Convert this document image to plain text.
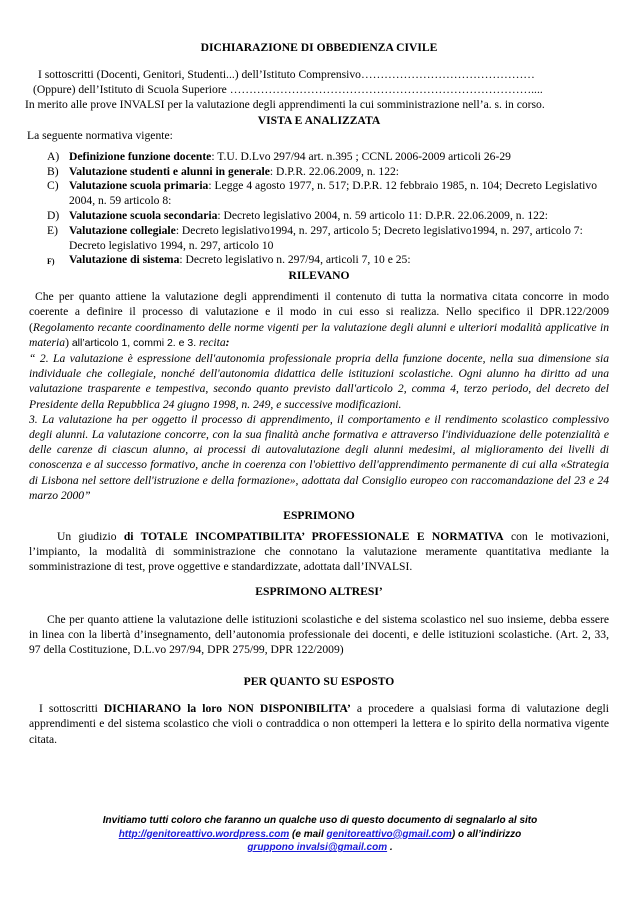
DICHIARAZIONE DI OBBEDIENZA CIVILE

I sottoscritti (Docenti, Genitori, Studenti...) dell’Istituto Comprensivo………………………………………

(Oppure) dell’Istituto di Scuola Superiore ……………………………………………………………………....

In merito alle prove INVALSI per la valutazione degli apprendimenti la cui somministrazione nell’a. s. in corso.

VISTA E ANALIZZATA

La seguente normativa vigente:

A) Definizione funzione docente: T.U. D.Lvo 297/94 art. n.395 ; CCNL 2006-2009 articoli 26-29
B) Valutazione studenti e alunni in generale: D.P.R. 22.06.2009, n. 122:
C) Valutazione scuola primaria: Legge 4 agosto 1977, n. 517; D.P.R. 12 febbraio 1985, n. 104; Decreto Legislativo 2004, n. 59 articolo 8:
D) Valutazione scuola secondaria: Decreto legislativo 2004, n. 59 articolo 11: D.P.R. 22.06.2009, n. 122:
E) Valutazione collegiale: Decreto legislativo1994, n. 297, articolo 5; Decreto legislativo1994, n. 297, articolo 7: Decreto legislativo 1994, n. 297, articolo 10
F) Valutazione di sistema: Decreto legislativo n. 297/94, articoli 7, 10 e 25:

RILEVANO

Che per quanto attiene la valutazione degli apprendimenti il contenuto di tutta la normativa citata concorre in modo coerente a definire il processo di valutazione e il modo in cui esso si realizza. Nello specifico il DPR.122/2009 (Regolamento recante coordinamento delle norme vigenti per la valutazione degli alunni e ulteriori modalità applicative in materia) all’articolo 1, commi 2. e 3. recita:

“ 2. La valutazione è espressione dell'autonomia professionale propria della funzione docente, nella sua dimensione sia individuale che collegiale, nonché dell'autonomia didattica delle istituzioni scolastiche. Ogni alunno ha diritto ad una valutazione trasparente e tempestiva, secondo quanto previsto dall'articolo 2, comma 4, terzo periodo, del decreto del Presidente della Repubblica 24 giugno 1998, n. 249, e successive modificazioni.

3. La valutazione ha per oggetto il processo di apprendimento, il comportamento e il rendimento scolastico complessivo degli alunni. La valutazione concorre, con la sua finalità anche formativa e attraverso l'individuazione delle potenzialità e delle carenze di ciascun alunno, ai processi di autovalutazione degli alunni medesimi, al miglioramento dei livelli di conoscenza e al successo formativo, anche in coerenza con l'obiettivo dell'apprendimento permanente di cui alla «Strategia di Lisbona nel settore dell'istruzione e della formazione», adottata dal Consiglio europeo con raccomandazione del 23 e 24 marzo 2000”

ESPRIMONO

Un giudizio di TOTALE INCOMPATIBILITA’ PROFESSIONALE E NORMATIVA con le motivazioni, l’impianto, la modalità di somministrazione che connotano la valutazione meramente quantitativa mediante la somministrazione di test, prove oggettive e standardizzate, adottata dall’INVALSI.

ESPRIMONO ALTRESI’

Che per quanto attiene la valutazione delle istituzioni scolastiche e del sistema scolastico nel suo insieme, debba essere in linea con la libertà d’insegnamento, dell’autonomia professionale dei docenti, e delle istituzioni scolastiche. (Art. 2, 33, 97 della Costituzione, D.L.vo 297/94, DPR 275/99, DPR 122/2009)

PER QUANTO SU ESPOSTO

I sottoscritti DICHIARANO la loro NON DISPONIBILITA’ a procedere a qualsiasi forma di valutazione degli apprendimenti e del sistema scolastico che violi o contraddica o non ottemperi la lettera e lo spirito della normativa vigente citata.

Invitiamo tutti coloro che faranno un qualche uso di questo documento di segnalarlo al sito
http://genitoreattivo.wordpress.com (e mail genitoreattivo@gmail.com) o all’indirizzo
gruppono invalsi@gmail.com .
